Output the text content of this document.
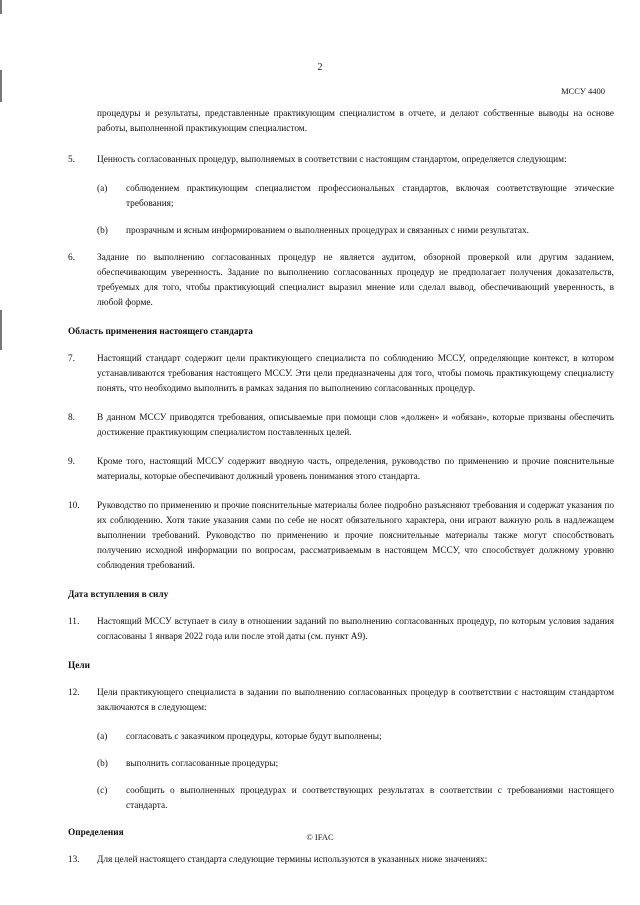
2
МССУ 4400
процедуры и результаты, представленные практикующим специалистом в отчете, и делают собственные выводы на основе работы, выполненной практикующим специалистом.
5.	Ценность согласованных процедур, выполняемых в соответствии с настоящим стандартом, определяется следующим:
(a)	соблюдением практикующим специалистом профессиональных стандартов, включая соответствующие этические требования;
(b)	прозрачным и ясным информированием о выполненных процедурах и связанных с ними результатах.
6.	Задание по выполнению согласованных процедур не является аудитом, обзорной проверкой или другим заданием, обеспечивающим уверенность. Задание по выполнению согласованных процедур не предполагает получения доказательств, требуемых для того, чтобы практикующий специалист выразил мнение или сделал вывод, обеспечивающий уверенность, в любой форме.
Область применения настоящего стандарта
7.	Настоящий стандарт содержит цели практикующего специалиста по соблюдению МССУ, определяющие контекст, в котором устанавливаются требования настоящего МССУ. Эти цели предназначены для того, чтобы помочь практикующему специалисту понять, что необходимо выполнить в рамках задания по выполнению согласованных процедур.
8.	В данном МССУ приводятся требования, описываемые при помощи слов «должен» и «обязан», которые призваны обеспечить достижение практикующим специалистом поставленных целей.
9.	Кроме того, настоящий МССУ содержит вводную часть, определения, руководство по применению и прочие пояснительные материалы, которые обеспечивают должный уровень понимания этого стандарта.
10.	Руководство по применению и прочие пояснительные материалы более подробно разъясняют требования и содержат указания по их соблюдению. Хотя такие указания сами по себе не носят обязательного характера, они играют важную роль в надлежащем выполнении требований. Руководство по применению и прочие пояснительные материалы также могут способствовать получению исходной информации по вопросам, рассматриваемым в настоящем МССУ, что способствует должному уровню соблюдения требований.
Дата вступления в силу
11.	Настоящий МССУ вступает в силу в отношении заданий по выполнению согласованных процедур, по которым условия задания согласованы 1 января 2022 года или после этой даты (см. пункт A9).
Цели
12.	Цели практикующего специалиста в задании по выполнению согласованных процедур в соответствии с настоящим стандартом заключаются в следующем:
(a)	согласовать с заказчиком процедуры, которые будут выполнены;
(b)	выполнить согласованные процедуры;
(c)	сообщить о выполненных процедурах и соответствующих результатах в соответствии с требованиями настоящего стандарта.
Определения
13.	Для целей настоящего стандарта следующие термины используются в указанных ниже значениях:
© IFAC
